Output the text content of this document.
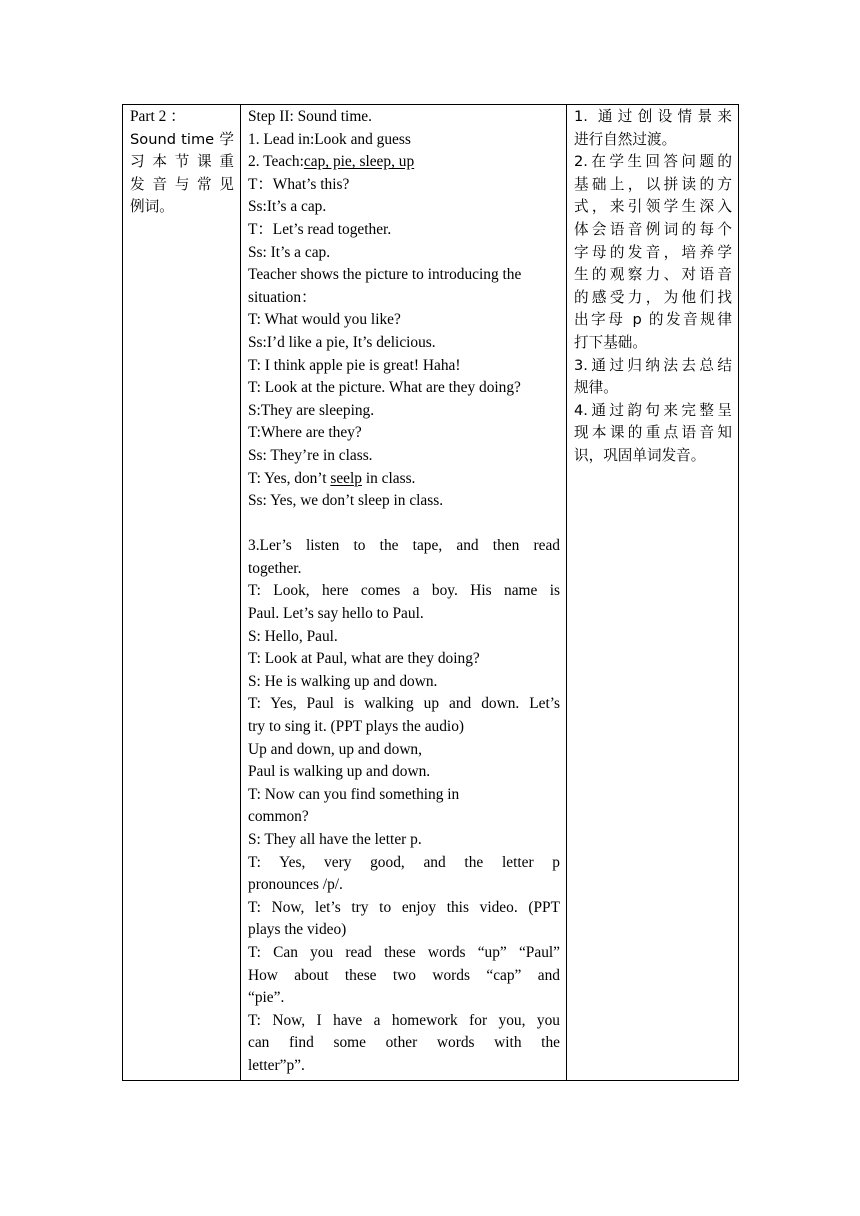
Part 2 ：
Sound time 学
习本节课重
发音与常见
例词。

Step II: Sound time.
1. Lead in:Look and guess
2. Teach:cap, pie, sleep, up
T：What’s this?
Ss:It’s a cap.
T：Let’s read together.
Ss: It’s a cap.
Teacher shows the picture to introducing the
situation：
T: What would you like?
Ss:I’d like a pie, It’s delicious.
T: I think apple pie is great! Haha!
T: Look at the picture. What are they doing?
S:They are sleeping.
T:Where are they?
Ss: They’re in class.
T: Yes, don’t seelp in class.
Ss: Yes, we don’t sleep in class.
3.Ler’s listen to the tape, and then read
together.
T: Look, here comes a boy. His name is
Paul. Let’s say hello to Paul.
S: Hello, Paul.
T: Look at Paul, what are they doing?
S: He is walking up and down.
T: Yes, Paul is walking up and down. Let’s
try to sing it. (PPT plays the audio)
Up and down, up and down,
Paul is walking up and down.
T: Now can you find something in
common?
S: They all have the letter p.
T: Yes, very good, and the letter p
pronounces /p/.
T: Now, let’s try to enjoy this video. (PPT
plays the video)
T: Can you read these words “up” “Paul”
How about these two words “cap” and
“pie”.
T: Now, I have a homework for you, you
can find some other words with the
letter”p”.

1. 通过创设情景来
进行自然过渡。
2.在学生回答问题的
基础上，以拼读的方
式，来引领学生深入
体会语音例词的每个
字母的发音，培养学
生的观察力、对语音
的感受力，为他们找
出字母 p 的发音规律
打下基础。
3.通过归纳法去总结
规律。
4.通过韵句来完整呈
现本课的重点语音知
识，巩固单词发音。
